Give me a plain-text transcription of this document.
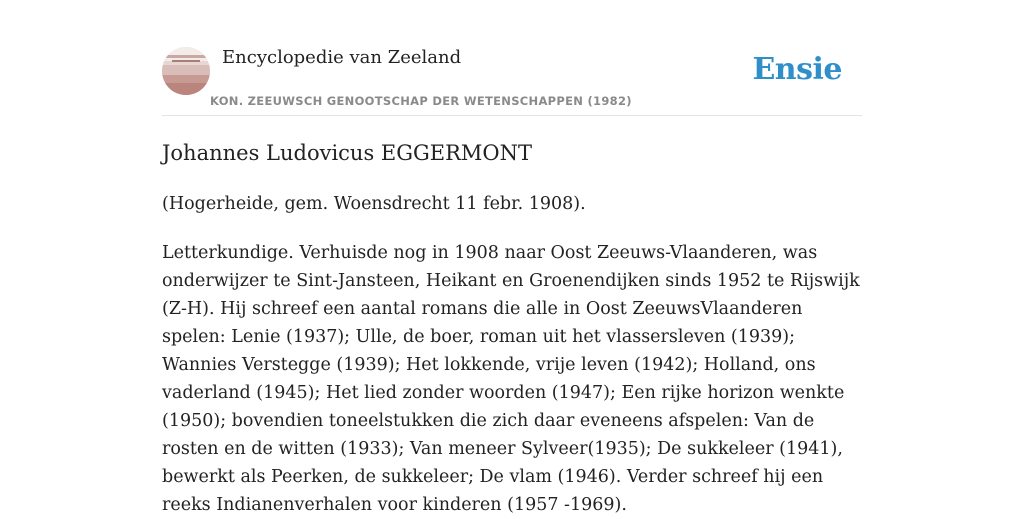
Encyclopedie van Zeeland
KON. ZEEUWSCH GENOOTSCHAP DER WETENSCHAPPEN (1982)
Ensie
Johannes Ludovicus EGGERMONT

(Hogerheide, gem. Woensdrecht 11 febr. 1908).

Letterkundige. Verhuisde nog in 1908 naar Oost Zeeuws-Vlaanderen, was onderwijzer te Sint-Jansteen, Heikant en Groenendijken sinds 1952 te Rijswijk (Z-H). Hij schreef een aantal romans die alle in Oost ZeeuwsVlaanderen spelen: Lenie (1937); Ulle, de boer, roman uit het vlassersleven (1939); Wannies Verstegge (1939); Het lokkende, vrije leven (1942); Holland, ons vaderland (1945); Het lied zonder woorden (1947); Een rijke horizon wenkte (1950); bovendien toneelstukken die zich daar eveneens afspelen: Van de rosten en de witten (1933); Van meneer Sylveer(1935); De sukkeleer (1941), bewerkt als Peerken, de sukkeleer; De vlam (1946). Verder schreef hij een reeks Indianenverhalen voor kinderen (1957 -1969).
